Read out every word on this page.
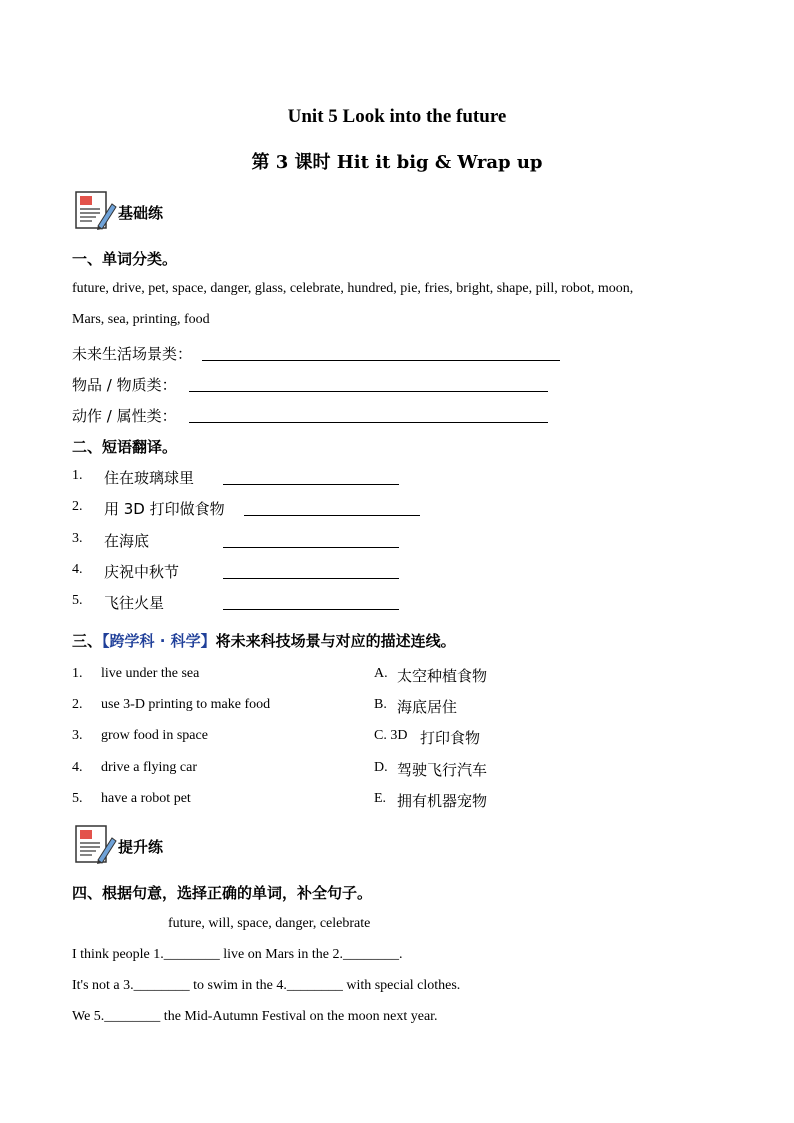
Unit 5 Look into the future
第 3 课时 Hit it big & Wrap up
基础练
一、单词分类。
future, drive, pet, space, danger, glass, celebrate, hundred, pie, fries, bright, shape, pill, robot, moon,
Mars, sea, printing, food
未来生活场景类：
物品 / 物质类：
动作 / 属性类：
二、短语翻译。
1. 住在玻璃球里
2. 用 3D 打印做食物
3. 在海底
4. 庆祝中秋节
5. 飞往火星
三、【跨学科 · 科学】将未来科技场景与对应的描述连线。
1. live under the sea	A. 太空种植食物
2. use 3-D printing to make food	B. 海底居住
3. grow food in space	C. 3D 打印食物
4. drive a flying car	D. 驾驶飞行汽车
5. have a robot pet	E. 拥有机器宠物
提升练
四、根据句意，选择正确的单词，补全句子。
future, will, space, danger, celebrate
I think people 1.________ live on Mars in the 2.________.
It's not a 3.________ to swim in the 4.________ with special clothes.
We 5.________ the Mid-Autumn Festival on the moon next year.
